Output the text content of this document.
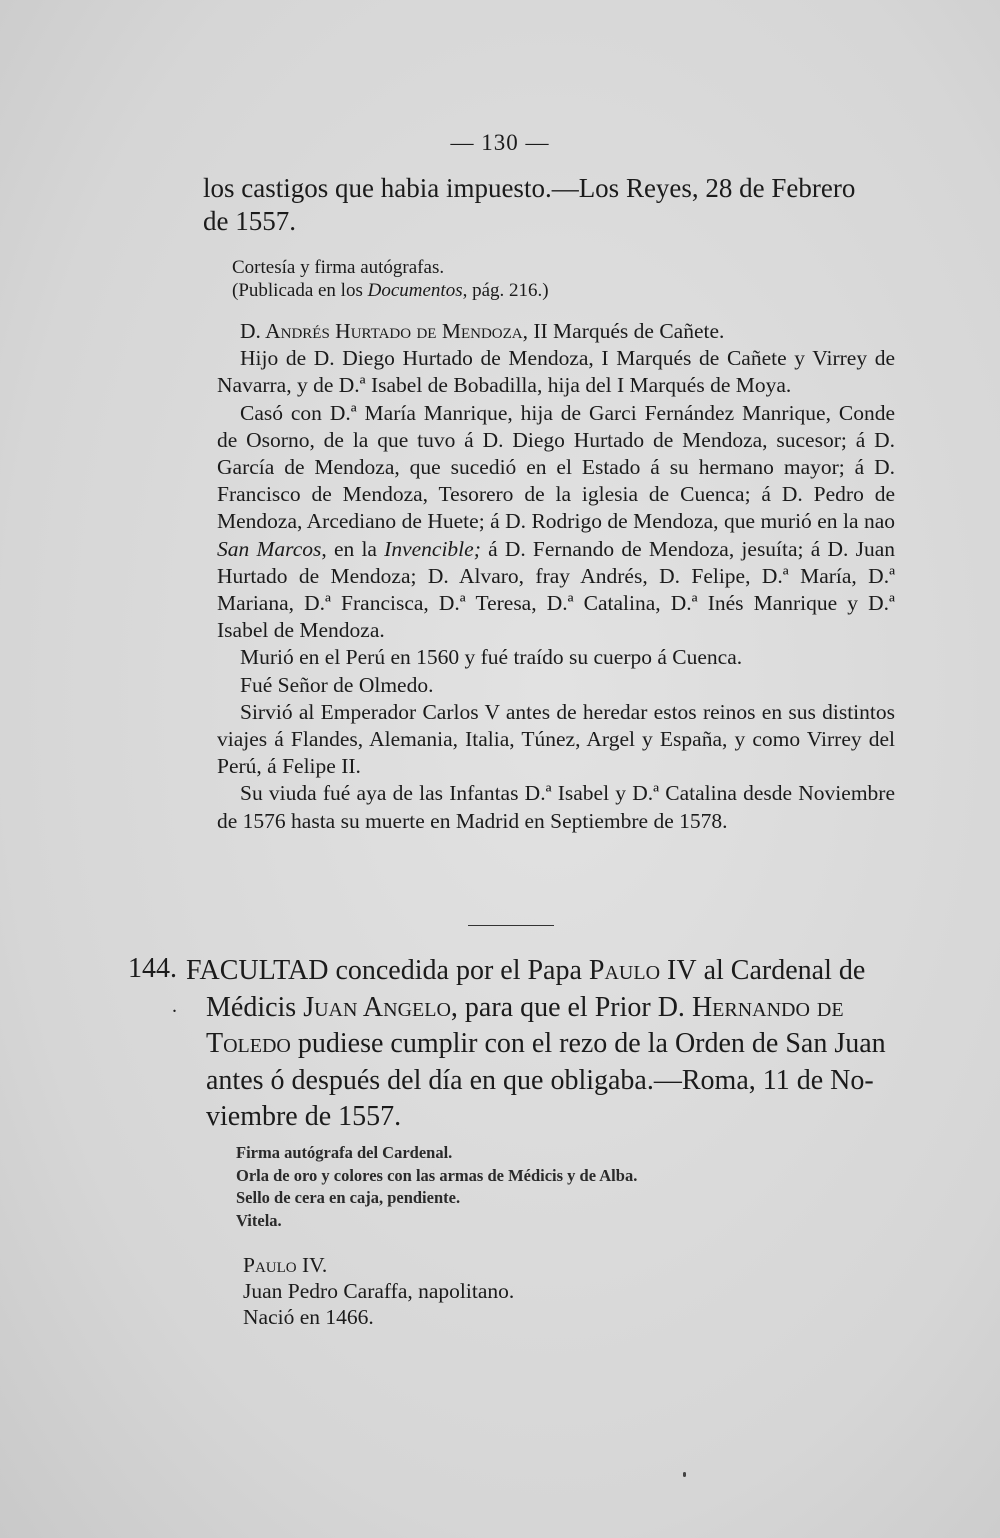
— 130 —
los castigos que habia impuesto.—Los Reyes, 28 de Febrero
de 1557.
Cortesía y firma autógrafas.
(Publicada en los Documentos, pág. 216.)

D. Andrés Hurtado de Mendoza, II Marqués de Cañete.

Hijo de D. Diego Hurtado de Mendoza, I Marqués de Cañete y Virrey de Navarra, y de D.ª Isabel de Bobadilla, hija del I Marqués de Moya.

Casó con D.ª María Manrique, hija de Garci Fernández Manrique, Conde de Osorno, de la que tuvo á D. Diego Hurtado de Mendoza, sucesor; á D. García de Mendoza, que sucedió en el Estado á su hermano mayor; á D. Francisco de Mendoza, Tesorero de la iglesia de Cuenca; á D. Pedro de Mendoza, Arcediano de Huete; á D. Rodrigo de Mendoza, que murió en la nao San Marcos, en la Invencible; á D. Fernando de Mendoza, jesuíta; á D. Juan Hurtado de Mendoza; D. Alvaro, fray Andrés, D. Felipe, D.ª María, D.ª Mariana, D.ª Francisca, D.ª Teresa, D.ª Catalina, D.ª Inés Manrique y D.ª Isabel de Mendoza.

Murió en el Perú en 1560 y fué traído su cuerpo á Cuenca.

Fué Señor de Olmedo.

Sirvió al Emperador Carlos V antes de heredar estos reinos en sus distintos viajes á Flandes, Alemania, Italia, Túnez, Argel y España, y como Virrey del Perú, á Felipe II.

Su viuda fué aya de las Infantas D.ª Isabel y D.ª Catalina desde Noviembre de 1576 hasta su muerte en Madrid en Septiembre de 1578.

144.
.
FACULTAD concedida por el Papa Paulo IV al Cardenal de
Médicis Juan Angelo, para que el Prior D. Hernando de
Toledo pudiese cumplir con el rezo de la Orden de San Juan
antes ó después del día en que obligaba.—Roma, 11 de No-
viembre de 1557.
Firma autógrafa del Cardenal.
Orla de oro y colores con las armas de Médicis y de Alba.
Sello de cera en caja, pendiente.
Vitela.
Paulo IV.
Juan Pedro Caraffa, napolitano.
Nació en 1466.
